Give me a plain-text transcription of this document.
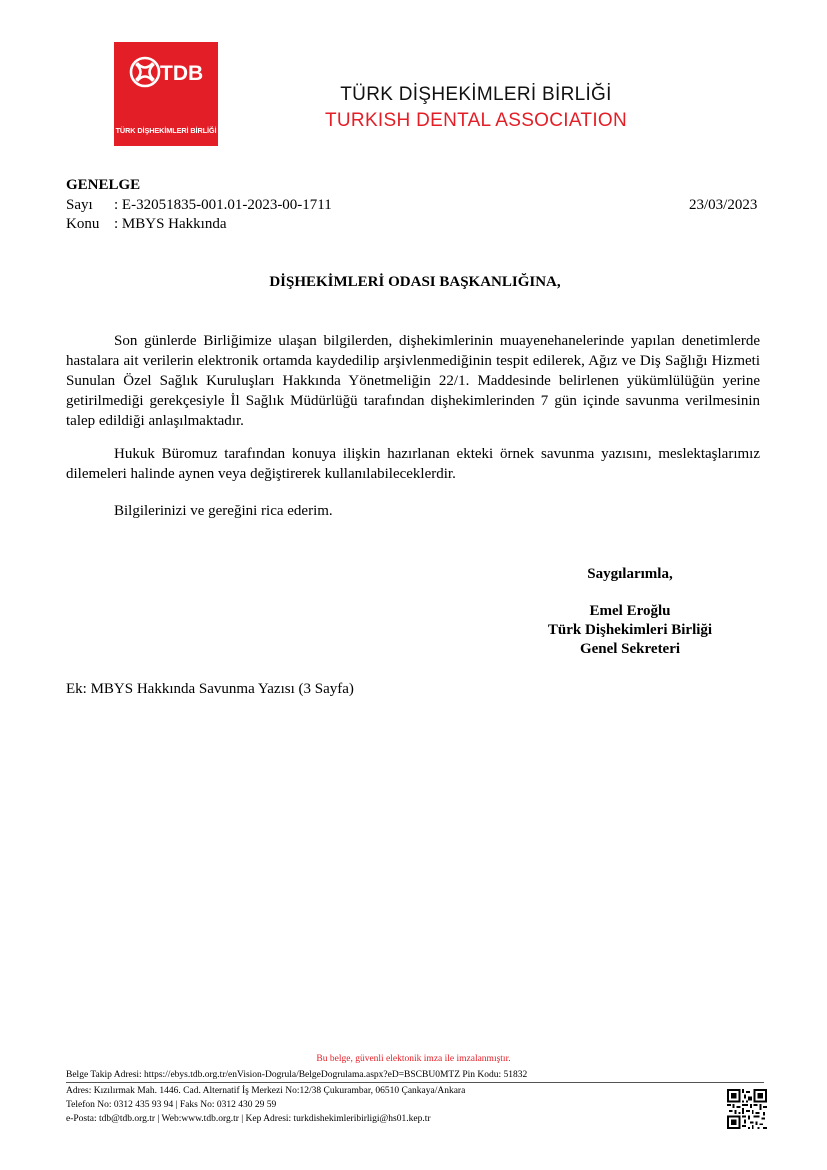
TDB
TÜRK DİŞHEKİMLERİ BİRLİĞİ
TÜRK DİŞHEKİMLERİ BİRLİĞİ
TURKISH DENTAL ASSOCIATION
GENELGE
Sayı : E-32051835-001.01-2023-00-1711	23/03/2023
Konu : MBYS Hakkında
DİŞHEKİMLERİ ODASI BAŞKANLIĞINA,
Son günlerde Birliğimize ulaşan bilgilerden, dişhekimlerinin muayenehanelerinde yapılan denetimlerde hastalara ait verilerin elektronik ortamda kaydedilip arşivlenmediğinin tespit edilerek, Ağız ve Diş Sağlığı Hizmeti Sunulan Özel Sağlık Kuruluşları Hakkında Yönetmeliğin 22/1. Maddesinde belirlenen yükümlülüğün yerine getirilmediği gerekçesiyle İl Sağlık Müdürlüğü tarafından dişhekimlerinden 7 gün içinde savunma verilmesinin talep edildiği anlaşılmaktadır.
Hukuk Büromuz tarafından konuya ilişkin hazırlanan ekteki örnek savunma yazısını, meslektaşlarımız dilemeleri halinde aynen veya değiştirerek kullanılabileceklerdir.
Bilgilerinizi ve gereğini rica ederim.
Saygılarımla,
Emel Eroğlu
Türk Dişhekimleri Birliği
Genel Sekreteri
Ek: MBYS Hakkında Savunma Yazısı (3 Sayfa)
Bu belge, güvenli elektonik imza ile imzalanmıştır.
Belge Takip Adresi: https://ebys.tdb.org.tr/enVision-Dogrula/BelgeDogrulama.aspx?eD=BSCBU0MTZ Pin Kodu: 51832
Adres: Kızılırmak Mah. 1446. Cad. Alternatif İş Merkezi No:12/38 Çukurambar, 06510 Çankaya/Ankara
Telefon No: 0312 435 93 94 | Faks No: 0312 430 29 59
e-Posta: tdb@tdb.org.tr | Web:www.tdb.org.tr | Kep Adresi: turkdishekimleribirligi@hs01.kep.tr
